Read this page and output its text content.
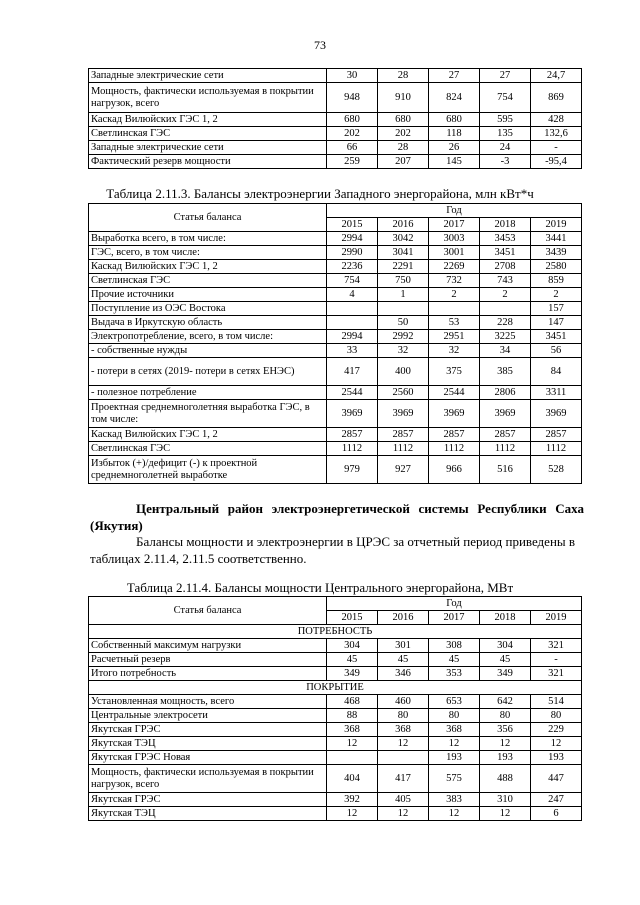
73
Западные электрические сети	30	28	27	27	24,7
Мощность, фактически используемая в покрытии нагрузок, всего	948	910	824	754	869
Каскад Вилюйских ГЭС 1, 2	680	680	680	595	428
Светлинская ГЭС	202	202	118	135	132,6
Западные электрические сети	66	28	26	24	-
Фактический резерв мощности	259	207	145	-3	-95,4
Таблица 2.11.3. Балансы электроэнергии Западного энергорайона, млн кВт*ч
Статья баланса	Год				
	2015	2016	2017	2018	2019
Выработка всего, в том числе:	2994	3042	3003	3453	3441
ГЭС, всего, в том числе:	2990	3041	3001	3451	3439
Каскад Вилюйских ГЭС 1, 2	2236	2291	2269	2708	2580
Светлинская ГЭС	754	750	732	743	859
Прочие источники	4	1	2	2	2
Поступление из ОЭС Востока					157
Выдача в Иркутскую область		50	53	228	147
Электропотребление, всего, в том числе:	2994	2992	2951	3225	3451
- собственные нужды	33	32	32	34	56
- потери в сетях (2019- потери в сетях ЕНЭС)	417	400	375	385	84
- полезное потребление	2544	2560	2544	2806	3311
Проектная среднемноголетняя выработка ГЭС, в том числе:	3969	3969	3969	3969	3969
Каскад Вилюйских ГЭС 1, 2	2857	2857	2857	2857	2857
Светлинская ГЭС	1112	1112	1112	1112	1112
Избыток (+)/дефицит (-) к проектной среднемноголетней выработке	979	927	966	516	528
Центральный район электроэнергетической системы Республики Саха (Якутия)
Балансы мощности и электроэнергии в ЦРЭС за отчетный период приведены в таблицах 2.11.4, 2.11.5 соответственно.
Таблица 2.11.4. Балансы мощности Центрального энергорайона, МВт
Статья баланса	Год				
	2015	2016	2017	2018	2019
ПОТРЕБНОСТЬ					
Собственный максимум нагрузки	304	301	308	304	321
Расчетный резерв	45	45	45	45	-
Итого потребность	349	346	353	349	321
ПОКРЫТИЕ					
Установленная мощность, всего	468	460	653	642	514
Центральные электросети	88	80	80	80	80
Якутская ГРЭС	368	368	368	356	229
Якутская ТЭЦ	12	12	12	12	12
Якутская ГРЭС Новая			193	193	193
Мощность, фактически используемая в покрытии нагрузок, всего	404	417	575	488	447
Якутская ГРЭС	392	405	383	310	247
Якутская ТЭЦ	12	12	12	12	6
